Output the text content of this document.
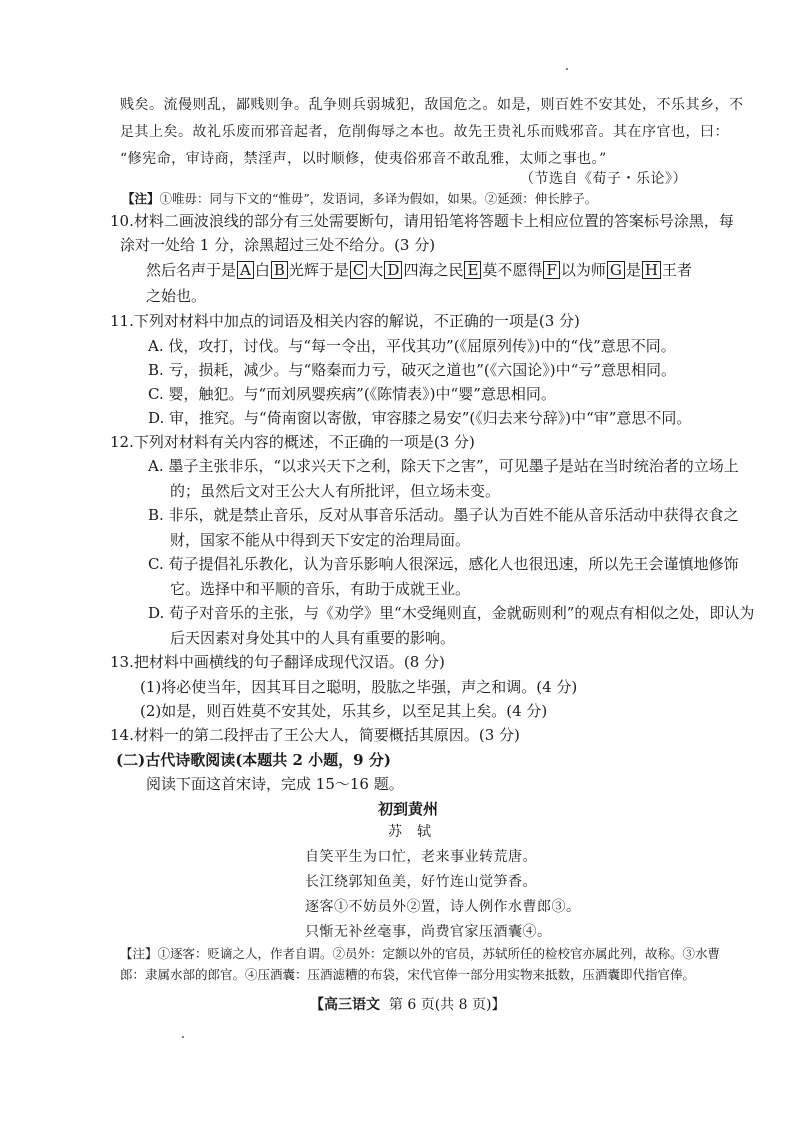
贱矣。流僈则乱，鄙贱则争。乱争则兵弱城犯，敌国危之。如是，则百姓不安其处，不乐其乡，不
足其上矣。故礼乐废而邪音起者，危削侮辱之本也。故先王贵礼乐而贱邪音。其在序官也，曰：
“修宪命，审诗商，禁淫声，以时顺修，使夷俗邪音不敢乱雅，太师之事也。”
（节选自《荀子・乐论》）
【注】①唯毋：同与下文的“惟毋”，发语词，多译为假如，如果。②延颈：伸长脖子。
10.材料二画波浪线的部分有三处需要断句，请用铅笔将答题卡上相应位置的答案标号涂黑，每
涂对一处给 1 分，涂黑超过三处不给分。(3 分)
然后名声于是 A 白 B 光辉于是 C 大 D 四海之民 E 莫不愿得 F 以为师 G 是 H 王者
之始也。
11.下列对材料中加点的词语及相关内容的解说，不正确的一项是(3 分)
A. 伐，攻打，讨伐。与“每一令出，平伐其功”(《屈原列传》)中的“伐”意思不同。
B. 亏，损耗，减少。与“赂秦而力亏，破灭之道也”(《六国论》)中“亏”意思相同。
C. 婴，触犯。与“而刘夙婴疾病”(《陈情表》)中“婴”意思相同。
D. 审，推究。与“倚南窗以寄傲，审容膝之易安”(《归去来兮辞》)中“审”意思不同。
12.下列对材料有关内容的概述，不正确的一项是(3 分)
A. 墨子主张非乐，“以求兴天下之利，除天下之害”，可见墨子是站在当时统治者的立场上
的；虽然后文对王公大人有所批评，但立场未变。
B. 非乐，就是禁止音乐，反对从事音乐活动。墨子认为百姓不能从音乐活动中获得衣食之
财，国家不能从中得到天下安定的治理局面。
C. 荀子提倡礼乐教化，认为音乐影响人很深远，感化人也很迅速，所以先王会谨慎地修饰
它。选择中和平顺的音乐，有助于成就王业。
D. 荀子对音乐的主张，与《劝学》里“木受绳则直，金就砺则利”的观点有相似之处，即认为
后天因素对身处其中的人具有重要的影响。
13.把材料中画横线的句子翻译成现代汉语。(8 分)
(1)将必使当年，因其耳目之聪明，股肱之毕强，声之和调。(4 分)
(2)如是，则百姓莫不安其处，乐其乡，以至足其上矣。(4 分)
14.材料一的第二段抨击了王公大人，简要概括其原因。(3 分)
(二)古代诗歌阅读(本题共 2 小题，9 分)
阅读下面这首宋诗，完成 15～16 题。
初到黄州
苏　轼
自笑平生为口忙，老来事业转荒唐。
长江绕郭知鱼美，好竹连山觉笋香。
逐客①不妨员外②置，诗人例作水曹郎③。
只惭无补丝毫事，尚费官家压酒囊④。
【注】①逐客：贬谪之人，作者自谓。②员外：定额以外的官员，苏轼所任的检校官亦属此列，故称。③水曹
郎：隶属水部的郎官。④压酒囊：压酒滤糟的布袋，宋代官俸一部分用实物来抵数，压酒囊即代指官俸。
【高三语文 第 6 页(共 8 页)】
